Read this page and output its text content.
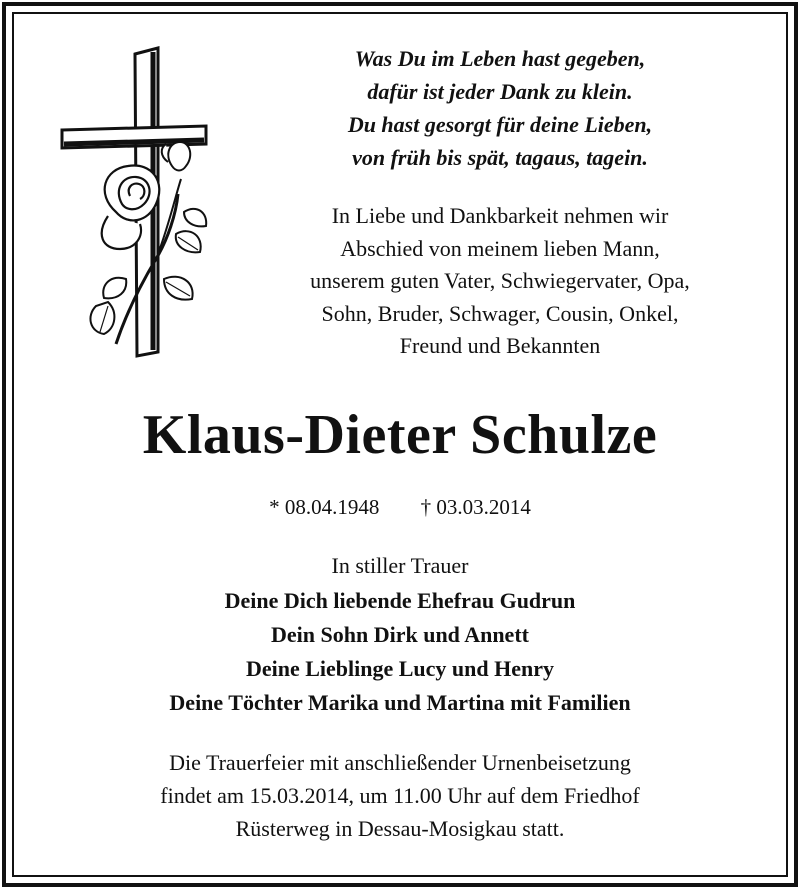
Was Du im Leben hast gegeben,
dafür ist jeder Dank zu klein.
Du hast gesorgt für deine Lieben,
von früh bis spät, tagaus, tagein.
In Liebe und Dankbarkeit nehmen wir
Abschied von meinem lieben Mann,
unserem guten Vater, Schwiegervater, Opa,
Sohn, Bruder, Schwager, Cousin, Onkel,
Freund und Bekannten
Klaus-Dieter Schulze
* 08.04.1948 † 03.03.2014
In stiller Trauer
Deine Dich liebende Ehefrau Gudrun
Dein Sohn Dirk und Annett
Deine Lieblinge Lucy und Henry
Deine Töchter Marika und Martina mit Familien
Die Trauerfeier mit anschließender Urnenbeisetzung
findet am 15.03.2014, um 11.00 Uhr auf dem Friedhof
Rüsterweg in Dessau-Mosigkau statt.
